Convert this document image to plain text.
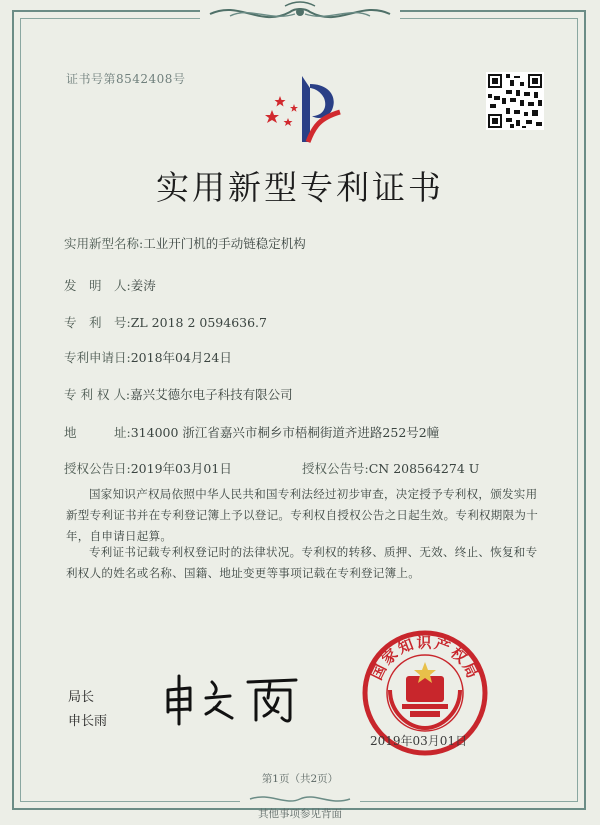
证书号第8542408号
实用新型专利证书
实用新型名称:工业开门机的手动链稳定机构
发　明　人:姜涛
专　利　号:ZL 2018 2 0594636.7
专利申请日:2018年04月24日
专 利 权 人:嘉兴艾德尔电子科技有限公司
地　　　址:314000 浙江省嘉兴市桐乡市梧桐街道齐进路252号2幢
授权公告日:2019年03月01日	授权公告号:CN 208564274 U
国家知识产权局依照中华人民共和国专利法经过初步审查，决定授予专利权，颁发实用新型专利证书并在专利登记簿上予以登记。专利权自授权公告之日起生效。专利权期限为十年，自申请日起算。
专利证书记载专利权登记时的法律状况。专利权的转移、质押、无效、终止、恢复和专利权人的姓名或名称、国籍、地址变更等事项记载在专利登记簿上。
局长
申长雨
国家知识产权局
2019年03月01日
第1页（共2页）
其他事项参见背面
